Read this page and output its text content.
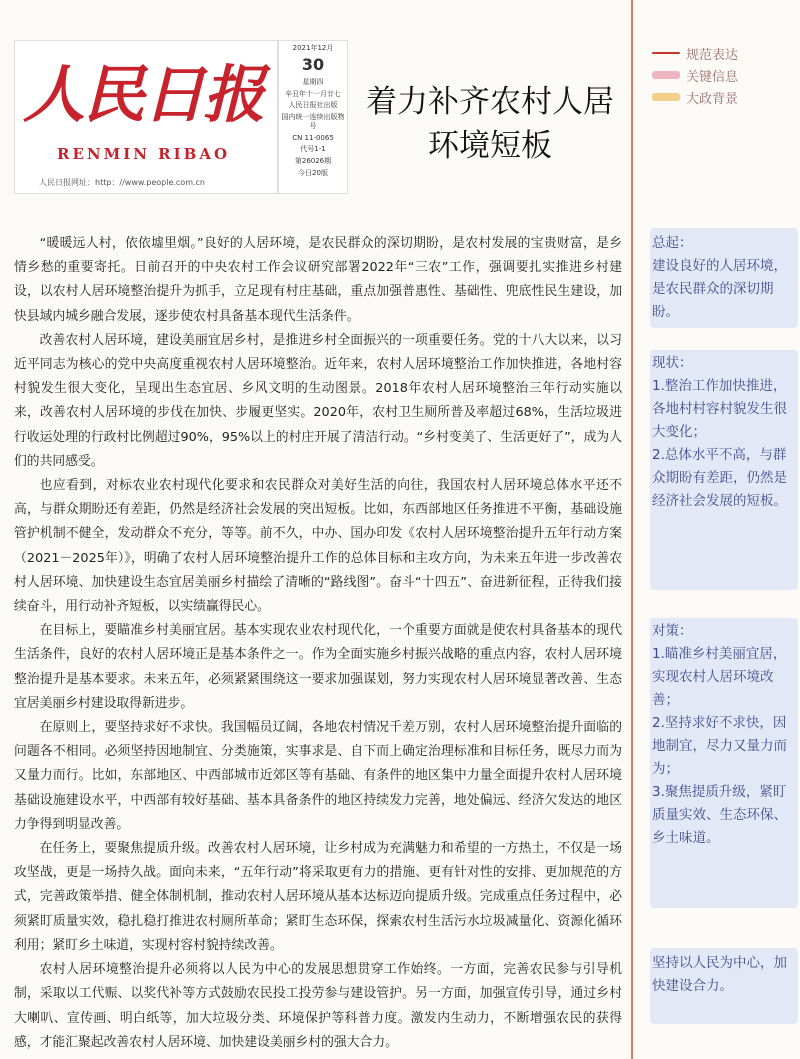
人民日报
RENMIN RIBAO
人民日报网址：http：//www.people.com.cn
2021年12月
30
星期四
辛丑年十一月廿七
人民日报社出版
国内统一连续出版物号
CN 11-0065
代号1-1
第26026期
今日20版
着力补齐农村人居环境短板

“暖暖远人村，依依墟里烟。”良好的人居环境，是农民群众的深切期盼，是农村发展的宝贵财富，是乡情乡愁的重要寄托。日前召开的中央农村工作会议研究部署2022年“三农”工作，强调要扎实推进乡村建设，以农村人居环境整治提升为抓手，立足现有村庄基础，重点加强普惠性、基础性、兜底性民生建设，加快县域内城乡融合发展，逐步使农村具备基本现代生活条件。

改善农村人居环境，建设美丽宜居乡村，是推进乡村全面振兴的一项重要任务。党的十八大以来，以习近平同志为核心的党中央高度重视农村人居环境整治。近年来，农村人居环境整治工作加快推进，各地村容村貌发生很大变化，呈现出生态宜居、乡风文明的生动图景。2018年农村人居环境整治三年行动实施以来，改善农村人居环境的步伐在加快、步履更坚实。2020年，农村卫生厕所普及率超过68%，生活垃圾进行收运处理的行政村比例超过90%，95%以上的村庄开展了清洁行动。“乡村变美了、生活更好了”，成为人们的共同感受。

也应看到，对标农业农村现代化要求和农民群众对美好生活的向往，我国农村人居环境总体水平还不高，与群众期盼还有差距，仍然是经济社会发展的突出短板。比如，东西部地区任务推进不平衡，基础设施管护机制不健全，发动群众不充分，等等。前不久，中办、国办印发《农村人居环境整治提升五年行动方案（2021－2025年）》，明确了农村人居环境整治提升工作的总体目标和主攻方向，为未来五年进一步改善农村人居环境、加快建设生态宜居美丽乡村描绘了清晰的“路线图”。奋斗“十四五”、奋进新征程，正待我们接续奋斗，用行动补齐短板，以实绩赢得民心。

在目标上，要瞄准乡村美丽宜居。基本实现农业农村现代化，一个重要方面就是使农村具备基本的现代生活条件，良好的农村人居环境正是基本条件之一。作为全面实施乡村振兴战略的重点内容，农村人居环境整治提升是基本要求。未来五年，必须紧紧围绕这一要求加强谋划，努力实现农村人居环境显著改善、生态宜居美丽乡村建设取得新进步。

在原则上，要坚持求好不求快。我国幅员辽阔，各地农村情况千差万别，农村人居环境整治提升面临的问题各不相同。必须坚持因地制宜、分类施策，实事求是、自下而上确定治理标准和目标任务，既尽力而为又量力而行。比如，东部地区、中西部城市近郊区等有基础、有条件的地区集中力量全面提升农村人居环境基础设施建设水平，中西部有较好基础、基本具备条件的地区持续发力完善，地处偏远、经济欠发达的地区力争得到明显改善。

在任务上，要聚焦提质升级。改善农村人居环境，让乡村成为充满魅力和希望的一方热土，不仅是一场攻坚战，更是一场持久战。面向未来，“五年行动”将采取更有力的措施、更有针对性的安排、更加规范的方式，完善政策举措、健全体制机制，推动农村人居环境从基本达标迈向提质升级。完成重点任务过程中，必须紧盯质量实效，稳扎稳打推进农村厕所革命；紧盯生态环保，探索农村生活污水垃圾减量化、资源化循环利用；紧盯乡土味道，实现村容村貌持续改善。

农村人居环境整治提升必须将以人民为中心的发展思想贯穿工作始终。一方面，完善农民参与引导机制，采取以工代赈、以奖代补等方式鼓励农民投工投劳参与建设管护。另一方面，加强宣传引导，通过乡村大喇叭、宣传画、明白纸等，加大垃圾分类、环境保护等科普力度。激发内生动力，不断增强农民的获得感，才能汇聚起改善农村人居环境、加快建设美丽乡村的强大合力。

规范表达
关键信息
大政背景
总起：
建设良好的人居环境，是农民群众的深切期盼。
现状：
1.整治工作加快推进，各地村村容村貌发生很大变化；
2.总体水平不高，与群众期盼有差距，仍然是经济社会发展的短板。
对策：
1.瞄准乡村美丽宜居，实现农村人居环境改善；
2.坚持求好不求快，因地制宜，尽力又量力而为；
3.聚焦提质升级，紧盯质量实效、生态环保、乡土味道。
坚持以人民为中心，加快建设合力。
